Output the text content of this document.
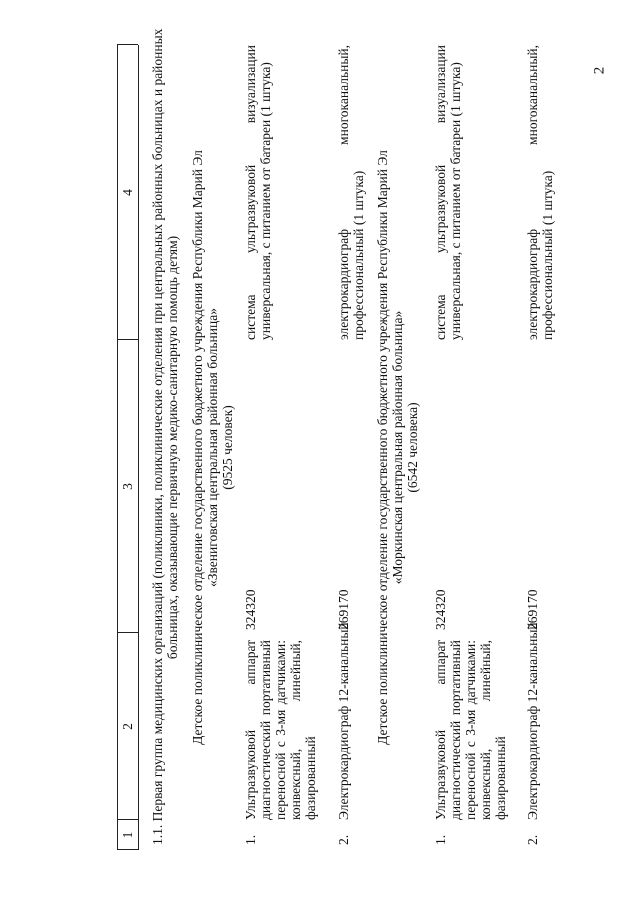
2
1
2
3
4 1.1. Первая группа медицинских организаций (поликлиники, поликлинические отделения при центральных районных больницах и районных больницах, оказывающие первичную медико-санитарную помощь детям) Детское поликлиническое отделение государственного бюджетного учреждения Республики Марий Эл «Звениговская центральная районная больница» (9525 человек)
1.
Ультразвуковой аппарат диагностический портативный переносной с 3-мя датчиками: конвексный, линейный, фазированный
324320
система ультразвуковой визуализации универсальная, с питанием от батареи (1 штука)
2.
Электрокардиограф 12-канальный
269170
электрокардиограф многоканальный, профессиональный (1 штука) Детское поликлиническое отделение государственного бюджетного учреждения Республики Марий Эл «Моркинская центральная районная больница» (6542 человека)
1.
Ультразвуковой аппарат диагностический портативный переносной с 3-мя датчиками: конвексный, линейный, фазированный
324320
система ультразвуковой визуализации универсальная, с питанием от батареи (1 штука)
2.
Электрокардиограф 12-канальный
269170
электрокардиограф многоканальный, профессиональный (1 штука)
